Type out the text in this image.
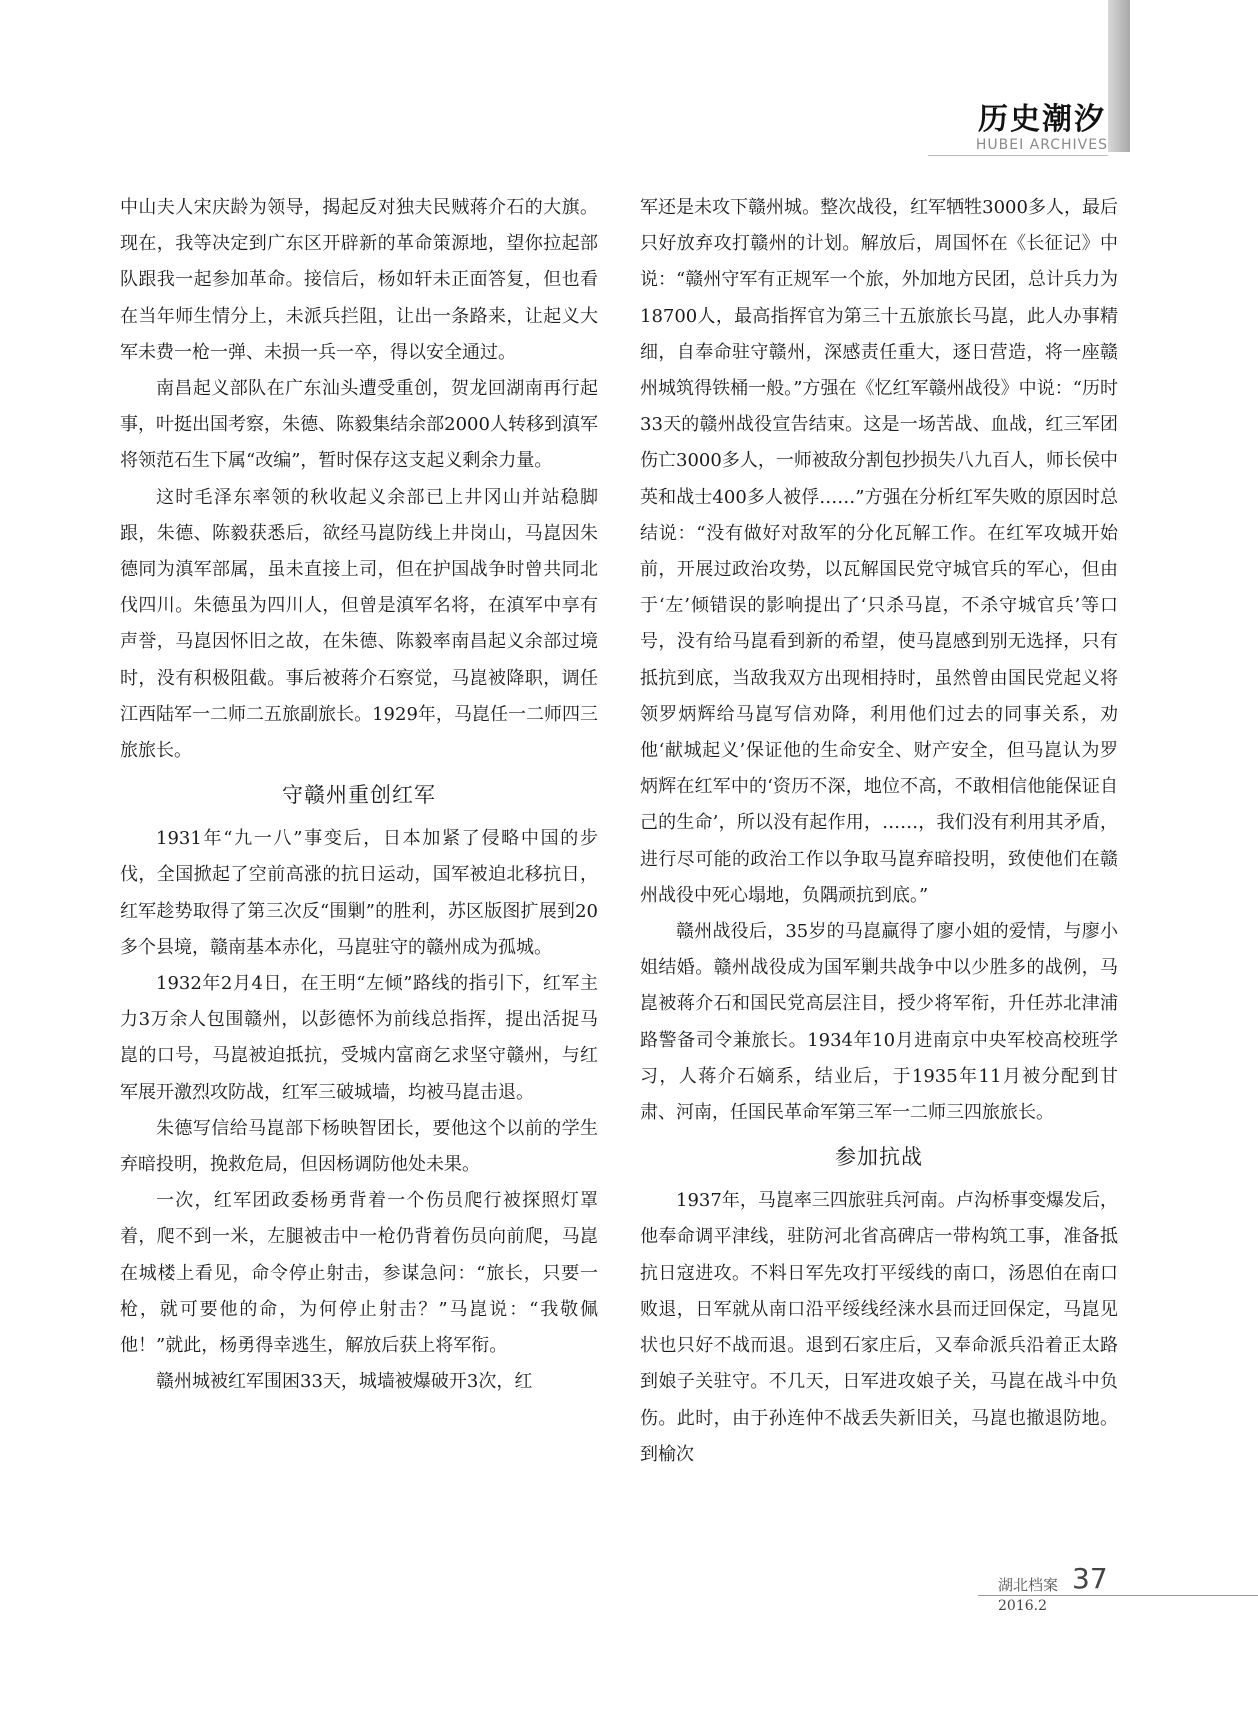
历史潮汐
HUBEI ARCHIVES

中山夫人宋庆龄为领导，揭起反对独夫民贼蒋介石的大旗。现在，我等决定到广东区开辟新的革命策源地，望你拉起部队跟我一起参加革命。接信后，杨如轩未正面答复，但也看在当年师生情分上，未派兵拦阻，让出一条路来，让起义大军未费一枪一弹、未损一兵一卒，得以安全通过。

南昌起义部队在广东汕头遭受重创，贺龙回湖南再行起事，叶挺出国考察，朱德、陈毅集结余部2000人转移到滇军将领范石生下属“改编”，暂时保存这支起义剩余力量。

这时毛泽东率领的秋收起义余部已上井冈山并站稳脚跟，朱德、陈毅获悉后，欲经马崑防线上井岗山，马崑因朱德同为滇军部属，虽未直接上司，但在护国战争时曾共同北伐四川。朱德虽为四川人，但曾是滇军名将，在滇军中享有声誉，马崑因怀旧之故，在朱德、陈毅率南昌起义余部过境时，没有积极阻截。事后被蒋介石察觉，马崑被降职，调任江西陆军一二师二五旅副旅长。1929年，马崑任一二师四三旅旅长。

守赣州重创红军

1931年“九一八”事变后，日本加紧了侵略中国的步伐，全国掀起了空前高涨的抗日运动，国军被迫北移抗日，红军趁势取得了第三次反“围剿”的胜利，苏区版图扩展到20多个县境，赣南基本赤化，马崑驻守的赣州成为孤城。

1932年2月4日，在王明“左倾”路线的指引下，红军主力3万余人包围赣州，以彭德怀为前线总指挥，提出活捉马崑的口号，马崑被迫抵抗，受城内富商乞求坚守赣州，与红军展开激烈攻防战，红军三破城墙，均被马崑击退。

朱德写信给马崑部下杨映智团长，要他这个以前的学生弃暗投明，挽救危局，但因杨调防他处未果。

一次，红军团政委杨勇背着一个伤员爬行被探照灯罩着，爬不到一米，左腿被击中一枪仍背着伤员向前爬，马崑在城楼上看见，命令停止射击，参谋急问：“旅长，只要一枪，就可要他的命，为何停止射击？”马崑说：“我敬佩他！”就此，杨勇得幸逃生，解放后获上将军衔。

赣州城被红军围困33天，城墙被爆破开3次，红

军还是未攻下赣州城。整次战役，红军牺牲3000多人，最后只好放弃攻打赣州的计划。解放后，周国怀在《长征记》中说：“赣州守军有正规军一个旅，外加地方民团，总计兵力为18700人，最高指挥官为第三十五旅旅长马崑，此人办事精细，自奉命驻守赣州，深感责任重大，逐日营造，将一座赣州城筑得铁桶一般。”方强在《忆红军赣州战役》中说：“历时33天的赣州战役宣告结束。这是一场苦战、血战，红三军团伤亡3000多人，一师被敌分割包抄损失八九百人，师长侯中英和战士400多人被俘……”方强在分析红军失败的原因时总结说：“没有做好对敌军的分化瓦解工作。在红军攻城开始前，开展过政治攻势，以瓦解国民党守城官兵的军心，但由于‘左’倾错误的影响提出了‘只杀马崑，不杀守城官兵’等口号，没有给马崑看到新的希望，使马崑感到别无选择，只有抵抗到底，当敌我双方出现相持时，虽然曾由国民党起义将领罗炳辉给马崑写信劝降，利用他们过去的同事关系，劝他‘献城起义’保证他的生命安全、财产安全，但马崑认为罗炳辉在红军中的‘资历不深，地位不高，不敢相信他能保证自己的生命’，所以没有起作用，……，我们没有利用其矛盾，进行尽可能的政治工作以争取马崑弃暗投明，致使他们在赣州战役中死心塌地，负隅顽抗到底。”

赣州战役后，35岁的马崑赢得了廖小姐的爱情，与廖小姐结婚。赣州战役成为国军剿共战争中以少胜多的战例，马崑被蒋介石和国民党高层注目，授少将军衔，升任苏北津浦路警备司令兼旅长。1934年10月进南京中央军校高校班学习，人蒋介石嫡系，结业后，于1935年11月被分配到甘肃、河南，任国民革命军第三军一二师三四旅旅长。

参加抗战

1937年，马崑率三四旅驻兵河南。卢沟桥事变爆发后，他奉命调平津线，驻防河北省高碑店一带构筑工事，准备抵抗日寇进攻。不料日军先攻打平绥线的南口，汤恩伯在南口败退，日军就从南口沿平绥线经涞水县而迂回保定，马崑见状也只好不战而退。退到石家庄后，又奉命派兵沿着正太路到娘子关驻守。不几天，日军进攻娘子关，马崑在战斗中负伤。此时，由于孙连仲不战丢失新旧关，马崑也撤退防地。到榆次

湖北档案 37
2016.2
